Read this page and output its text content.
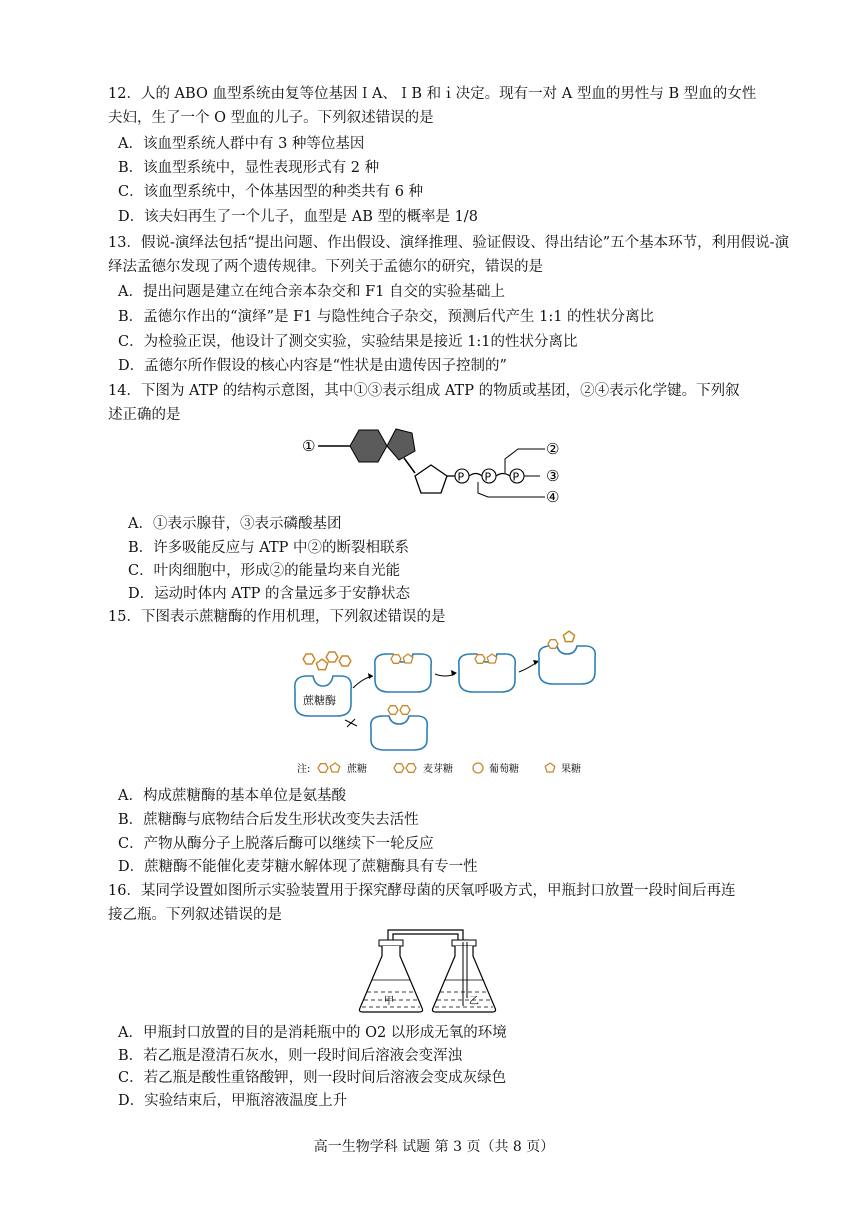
12．人的 ABO 血型系统由复等位基因ＩA、ＩB 和ｉ决定。现有一对 A 型血的男性与 B 型血的女性
夫妇，生了一个 O 型血的儿子。下列叙述错误的是
A．该血型系统人群中有 3 种等位基因
B．该血型系统中，显性表现形式有 2 种
C．该血型系统中，个体基因型的种类共有 6 种
D．该夫妇再生了一个儿子，血型是 AB 型的概率是 1/8
13．假说-演绎法包括“提出问题、作出假设、演绎推理、验证假设、得出结论”五个基本环节，利用假说-演
绎法孟德尔发现了两个遗传规律。下列关于孟德尔的研究，错误的是
A．提出问题是建立在纯合亲本杂交和 F1 自交的实验基础上
B．孟德尔作出的“演绎”是 F1 与隐性纯合子杂交，预测后代产生 1:1 的性状分离比
C．为检验正误，他设计了测交实验，实验结果是接近 1:1的性状分离比
D．孟德尔所作假设的核心内容是“性状是由遗传因子控制的”
14．下图为 ATP 的结构示意图，其中①③表示组成 ATP 的物质或基团，②④表示化学键。下列叙
述正确的是
①
P P P
②
③
④
A．①表示腺苷，③表示磷酸基团
B．许多吸能反应与 ATP 中②的断裂相联系
C．叶肉细胞中，形成②的能量均来自光能
D．运动时体内 ATP 的含量远多于安静状态
15．下图表示蔗糖酶的作用机理，下列叙述错误的是
蔗糖酶
注:	蔗糖	麦芽糖	葡萄糖	果糖
A．构成蔗糖酶的基本单位是氨基酸
B．蔗糖酶与底物结合后发生形状改变失去活性
C．产物从酶分子上脱落后酶可以继续下一轮反应
D．蔗糖酶不能催化麦芽糖水解体现了蔗糖酶具有专一性
16．某同学设置如图所示实验装置用于探究酵母菌的厌氧呼吸方式，甲瓶封口放置一段时间后再连
接乙瓶。下列叙述错误的是
甲	乙
A．甲瓶封口放置的目的是消耗瓶中的 O2 以形成无氧的环境
B．若乙瓶是澄清石灰水，则一段时间后溶液会变浑浊
C．若乙瓶是酸性重铬酸钾，则一段时间后溶液会变成灰绿色
D．实验结束后，甲瓶溶液温度上升
高一生物学科 试题 第 3 页（共 8 页）
